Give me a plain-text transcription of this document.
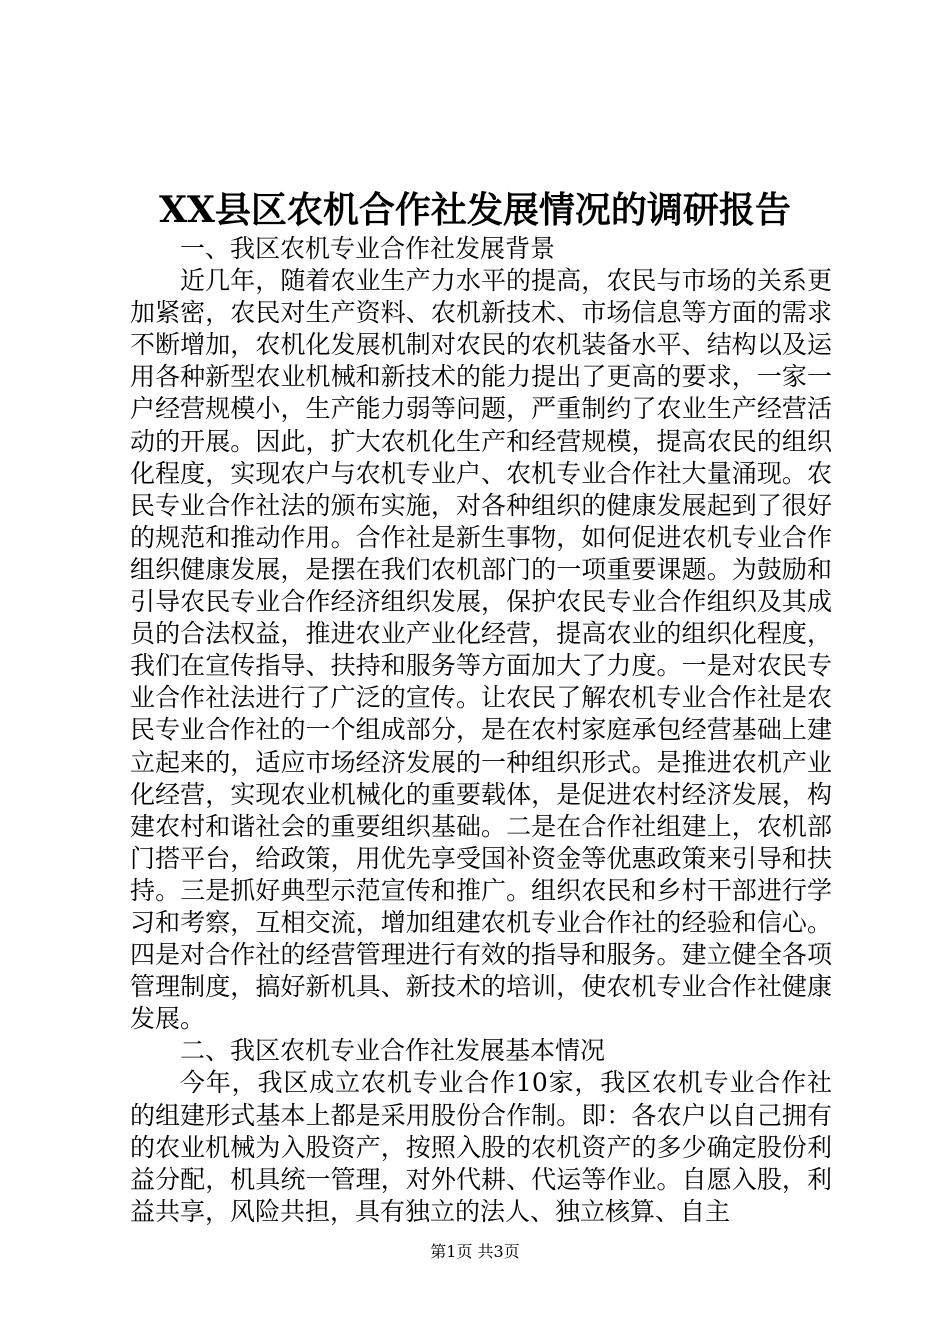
XX县区农机合作社发展情况的调研报告

一、我区农机专业合作社发展背景

近几年，随着农业生产力水平的提高，农民与市场的关系更加紧密，农民对生产资料、农机新技术、市场信息等方面的需求不断增加，农机化发展机制对农民的农机装备水平、结构以及运用各种新型农业机械和新技术的能力提出了更高的要求，一家一户经营规模小，生产能力弱等问题，严重制约了农业生产经营活动的开展。因此，扩大农机化生产和经营规模，提高农民的组织化程度，实现农户与农机专业户、农机专业合作社大量涌现。农民专业合作社法的颁布实施，对各种组织的健康发展起到了很好的规范和推动作用。合作社是新生事物，如何促进农机专业合作组织健康发展，是摆在我们农机部门的一项重要课题。为鼓励和引导农民专业合作经济组织发展，保护农民专业合作组织及其成员的合法权益，推进农业产业化经营，提高农业的组织化程度，我们在宣传指导、扶持和服务等方面加大了力度。一是对农民专业合作社法进行了广泛的宣传。让农民了解农机专业合作社是农民专业合作社的一个组成部分，是在农村家庭承包经营基础上建立起来的，适应市场经济发展的一种组织形式。是推进农机产业化经营，实现农业机械化的重要载体，是促进农村经济发展，构建农村和谐社会的重要组织基础。二是在合作社组建上，农机部门搭平台，给政策，用优先享受国补资金等优惠政策来引导和扶持。三是抓好典型示范宣传和推广。组织农民和乡村干部进行学习和考察，互相交流，增加组建农机专业合作社的经验和信心。四是对合作社的经营管理进行有效的指导和服务。建立健全各项管理制度，搞好新机具、新技术的培训，使农机专业合作社健康发展。

二、我区农机专业合作社发展基本情况

今年，我区成立农机专业合作10家，我区农机专业合作社的组建形式基本上都是采用股份合作制。即：各农户以自己拥有的农业机械为入股资产，按照入股的农机资产的多少确定股份利益分配，机具统一管理，对外代耕、代运等作业。自愿入股，利益共享，风险共担，具有独立的法人、独立核算、自主

第1页 共3页
